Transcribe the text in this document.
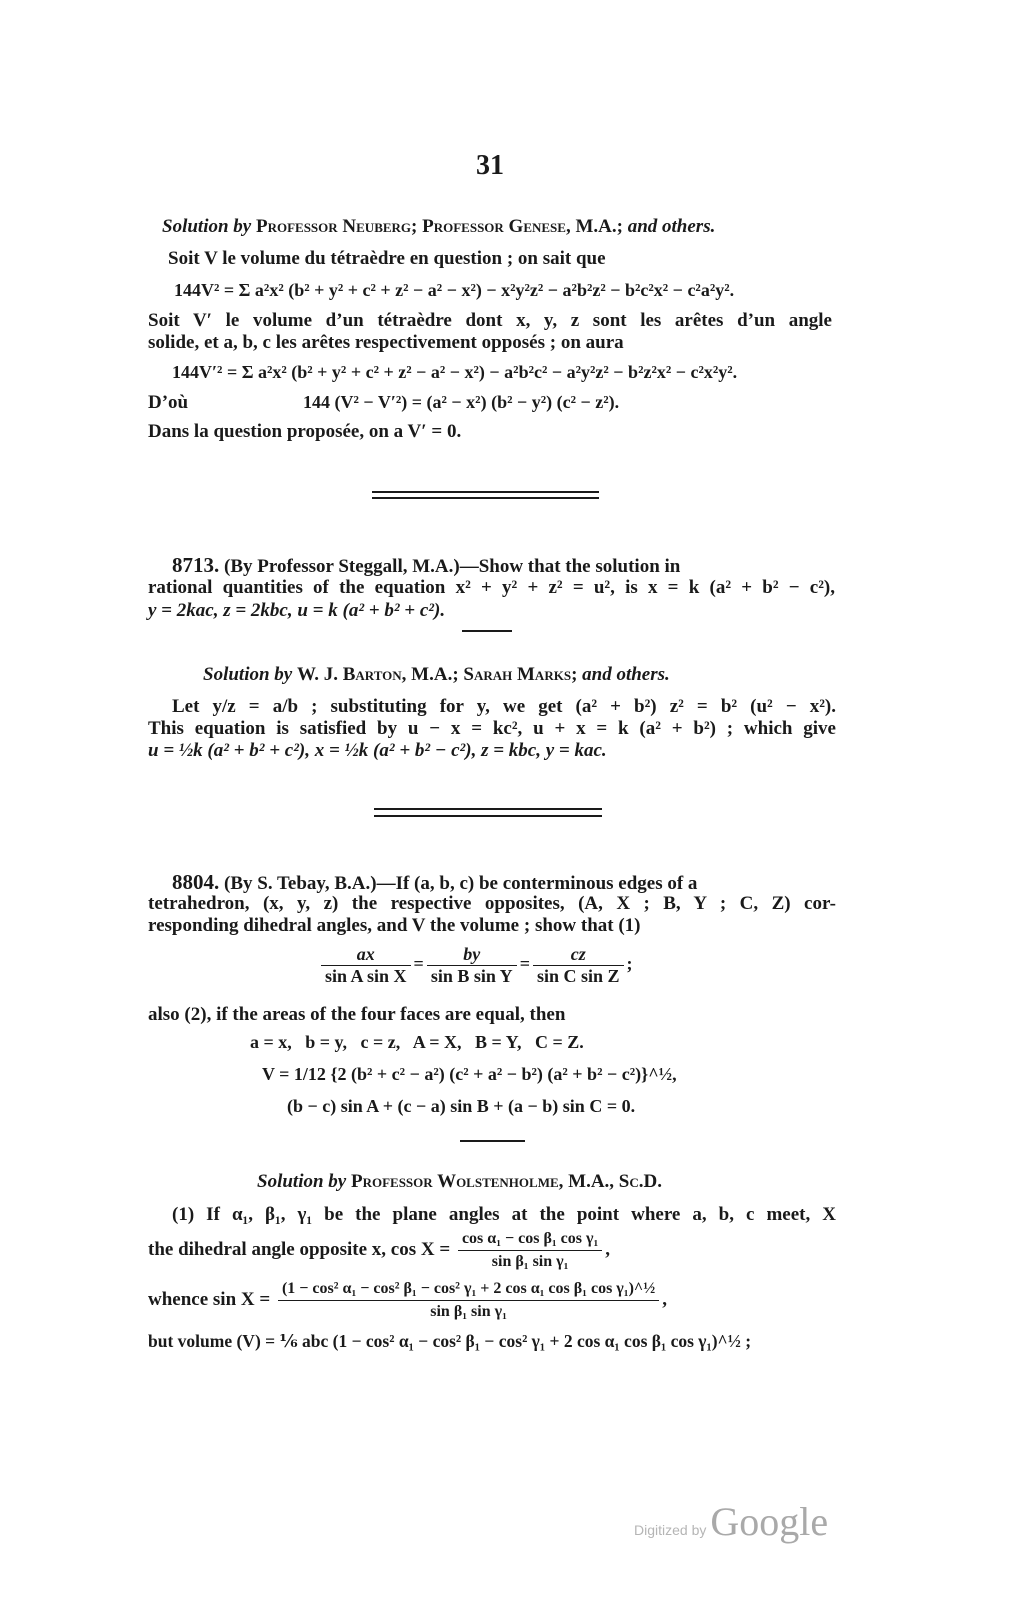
31
Solution by Professor Neuberg; Professor Genese, M.A.; and others.
Soit V le volume du tétraèdre en question ; on sait que
144V² = Σ a²x² (b² + y² + c² + z² − a² − x²) − x²y²z² − a²b²z² − b²c²x² − c²a²y².
Soit V′ le volume d’un tétraèdre dont x, y, z sont les arêtes d’un angle
solide, et a, b, c les arêtes respectivement opposés ; on aura
144V′² = Σ a²x² (b² + y² + c² + z² − a² − x²) − a²b²c² − a²y²z² − b²z²x² − c²x²y².
D’où	144 (V² − V′²) = (a² − x²) (b² − y²) (c² − z²).
Dans la question proposée, on a V′ = 0.
8713. (By Professor Steggall, M.A.)—Show that the solution in
rational quantities of the equation x² + y² + z² = u², is x = k (a² + b² − c²),
y = 2kac, z = 2kbc, u = k (a² + b² + c²).
Solution by W. J. Barton, M.A.; Sarah Marks; and others.
Let y/z = a/b ; substituting for y, we get (a² + b²) z² = b² (u² − x²).
This equation is satisfied by u − x = kc², u + x = k (a² + b²) ; which give
u = ½k (a² + b² + c²), x = ½k (a² + b² − c²), z = kbc, y = kac.
8804. (By S. Tebay, B.A.)—If (a, b, c) be conterminous edges of a
tetrahedron, (x, y, z) the respective opposites, (A, X ; B, Y ; C, Z) cor-
responding dihedral angles, and V the volume ; show that (1)
$\frac{ax}{\text{sin A sin X}} = \frac{by}{\text{sin B sin Y}} = \frac{cz}{\text{sin C sin Z}}$ ;
also (2), if the areas of the four faces are equal, then
a = x,   b = y,   c = z,   A = X,   B = Y,   C = Z.
V = 1/12 {2 (b² + c² − a²) (c² + a² − b²) (a² + b² − c²)}^½,
(b − c) sin A + (c − a) sin B + (a − b) sin C = 0.
Solution by Professor Wolstenholme, M.A., Sc.D.
(1) If α₁, β₁, γ₁ be the plane angles at the point where a, b, c meet, X
the dihedral angle opposite x, $\cos X = \frac{\text{cos α₁ − cos β₁ cos γ₁}}{\text{sin β₁ sin γ₁}}$ ,
whence $\sin X = \frac{\text{(1 − cos² α₁ − cos² β₁ − cos² γ₁ + 2 cos α₁ cos β₁ cos γ₁)\textasciicircum{}½}}{\text{sin β₁ sin γ₁}}$ ,
but volume (V) = ⅙ abc (1 − cos² α₁ − cos² β₁ − cos² γ₁ + 2 cos α₁ cos β₁ cos γ₁)^½ ;
Digitized by Google
